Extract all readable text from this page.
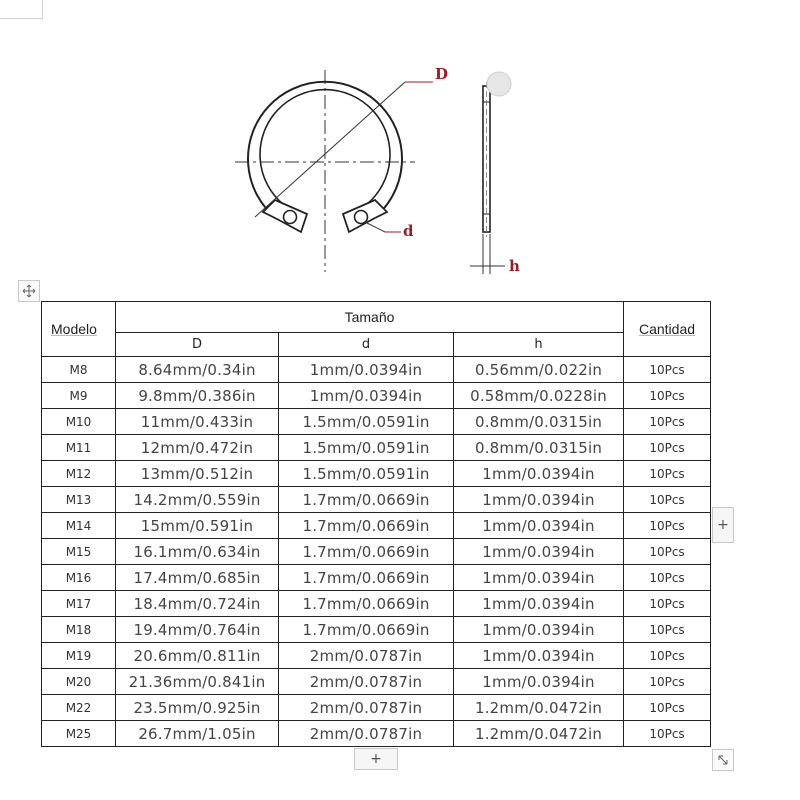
D
d
h
Modelo	Tamaño			Cantidad
	D	d	h	
M8	8.64mm/0.34in	1mm/0.0394in	0.56mm/0.022in	10Pcs
M9	9.8mm/0.386in	1mm/0.0394in	0.58mm/0.0228in	10Pcs
M10	11mm/0.433in	1.5mm/0.0591in	0.8mm/0.0315in	10Pcs
M11	12mm/0.472in	1.5mm/0.0591in	0.8mm/0.0315in	10Pcs
M12	13mm/0.512in	1.5mm/0.0591in	1mm/0.0394in	10Pcs
M13	14.2mm/0.559in	1.7mm/0.0669in	1mm/0.0394in	10Pcs
M14	15mm/0.591in	1.7mm/0.0669in	1mm/0.0394in	10Pcs
M15	16.1mm/0.634in	1.7mm/0.0669in	1mm/0.0394in	10Pcs
M16	17.4mm/0.685in	1.7mm/0.0669in	1mm/0.0394in	10Pcs
M17	18.4mm/0.724in	1.7mm/0.0669in	1mm/0.0394in	10Pcs
M18	19.4mm/0.764in	1.7mm/0.0669in	1mm/0.0394in	10Pcs
M19	20.6mm/0.811in	2mm/0.0787in	1mm/0.0394in	10Pcs
M20	21.36mm/0.841in	2mm/0.0787in	1mm/0.0394in	10Pcs
M22	23.5mm/0.925in	2mm/0.0787in	1.2mm/0.0472in	10Pcs
M25	26.7mm/1.05in	2mm/0.0787in	1.2mm/0.0472in	10Pcs
+
+
